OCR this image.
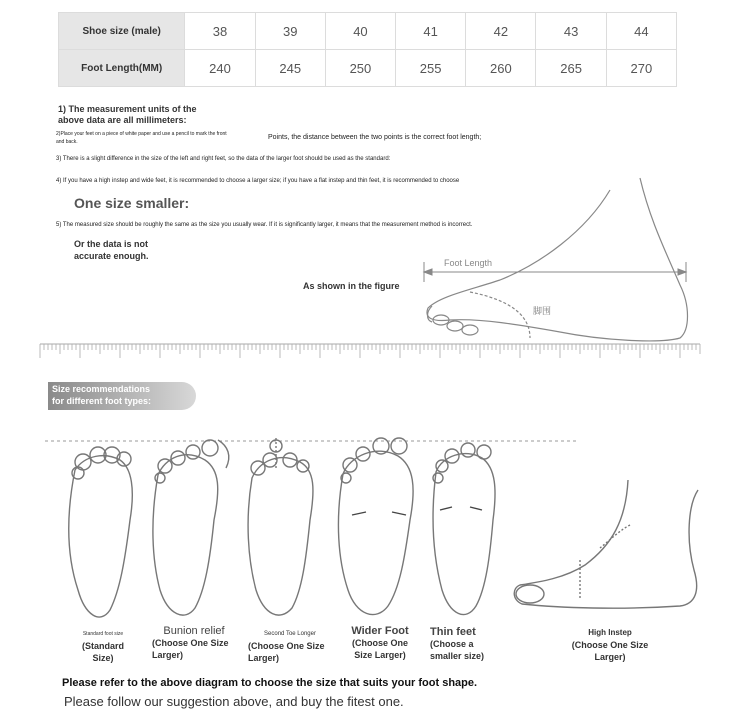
Shoe size (male)	38	39	40	41	42	43	44
Foot Length(MM)	240	245	250	255	260	265	270
1) The measurement units of the
above data are all millimeters:
2)Place your feet on a piece of white paper and use a pencil to mark the front
and back.
Points, the distance between the two points is the correct foot length;
3) There is a slight difference in the size of the left and right feet, so the data of the larger foot should be used as the standard:
4) If you have a high instep and wide feet, it is recommended to choose a larger size; if you have a flat instep and thin feet, it is recommended to choose
One size smaller:
5) The measured size should be roughly the same as the size you usually wear. If it is significantly larger, it means that the measurement method is incorrect.
Or the data is not
accurate enough.
As shown in the figure
Foot Length
脚围
Size recommendations
for different foot types:
Standard foot size
(Standard
Size)
Bunion relief
(Choose One Size
Larger)
Second Toe Longer
(Choose One Size
Larger)
Wider Foot
(Choose One
Size Larger)
Thin feet
(Choose a
smaller size)
High Instep
(Choose One Size
Larger)
Please refer to the above diagram to choose the size that suits your foot shape.
Please follow our suggestion above, and buy the fitest one.
